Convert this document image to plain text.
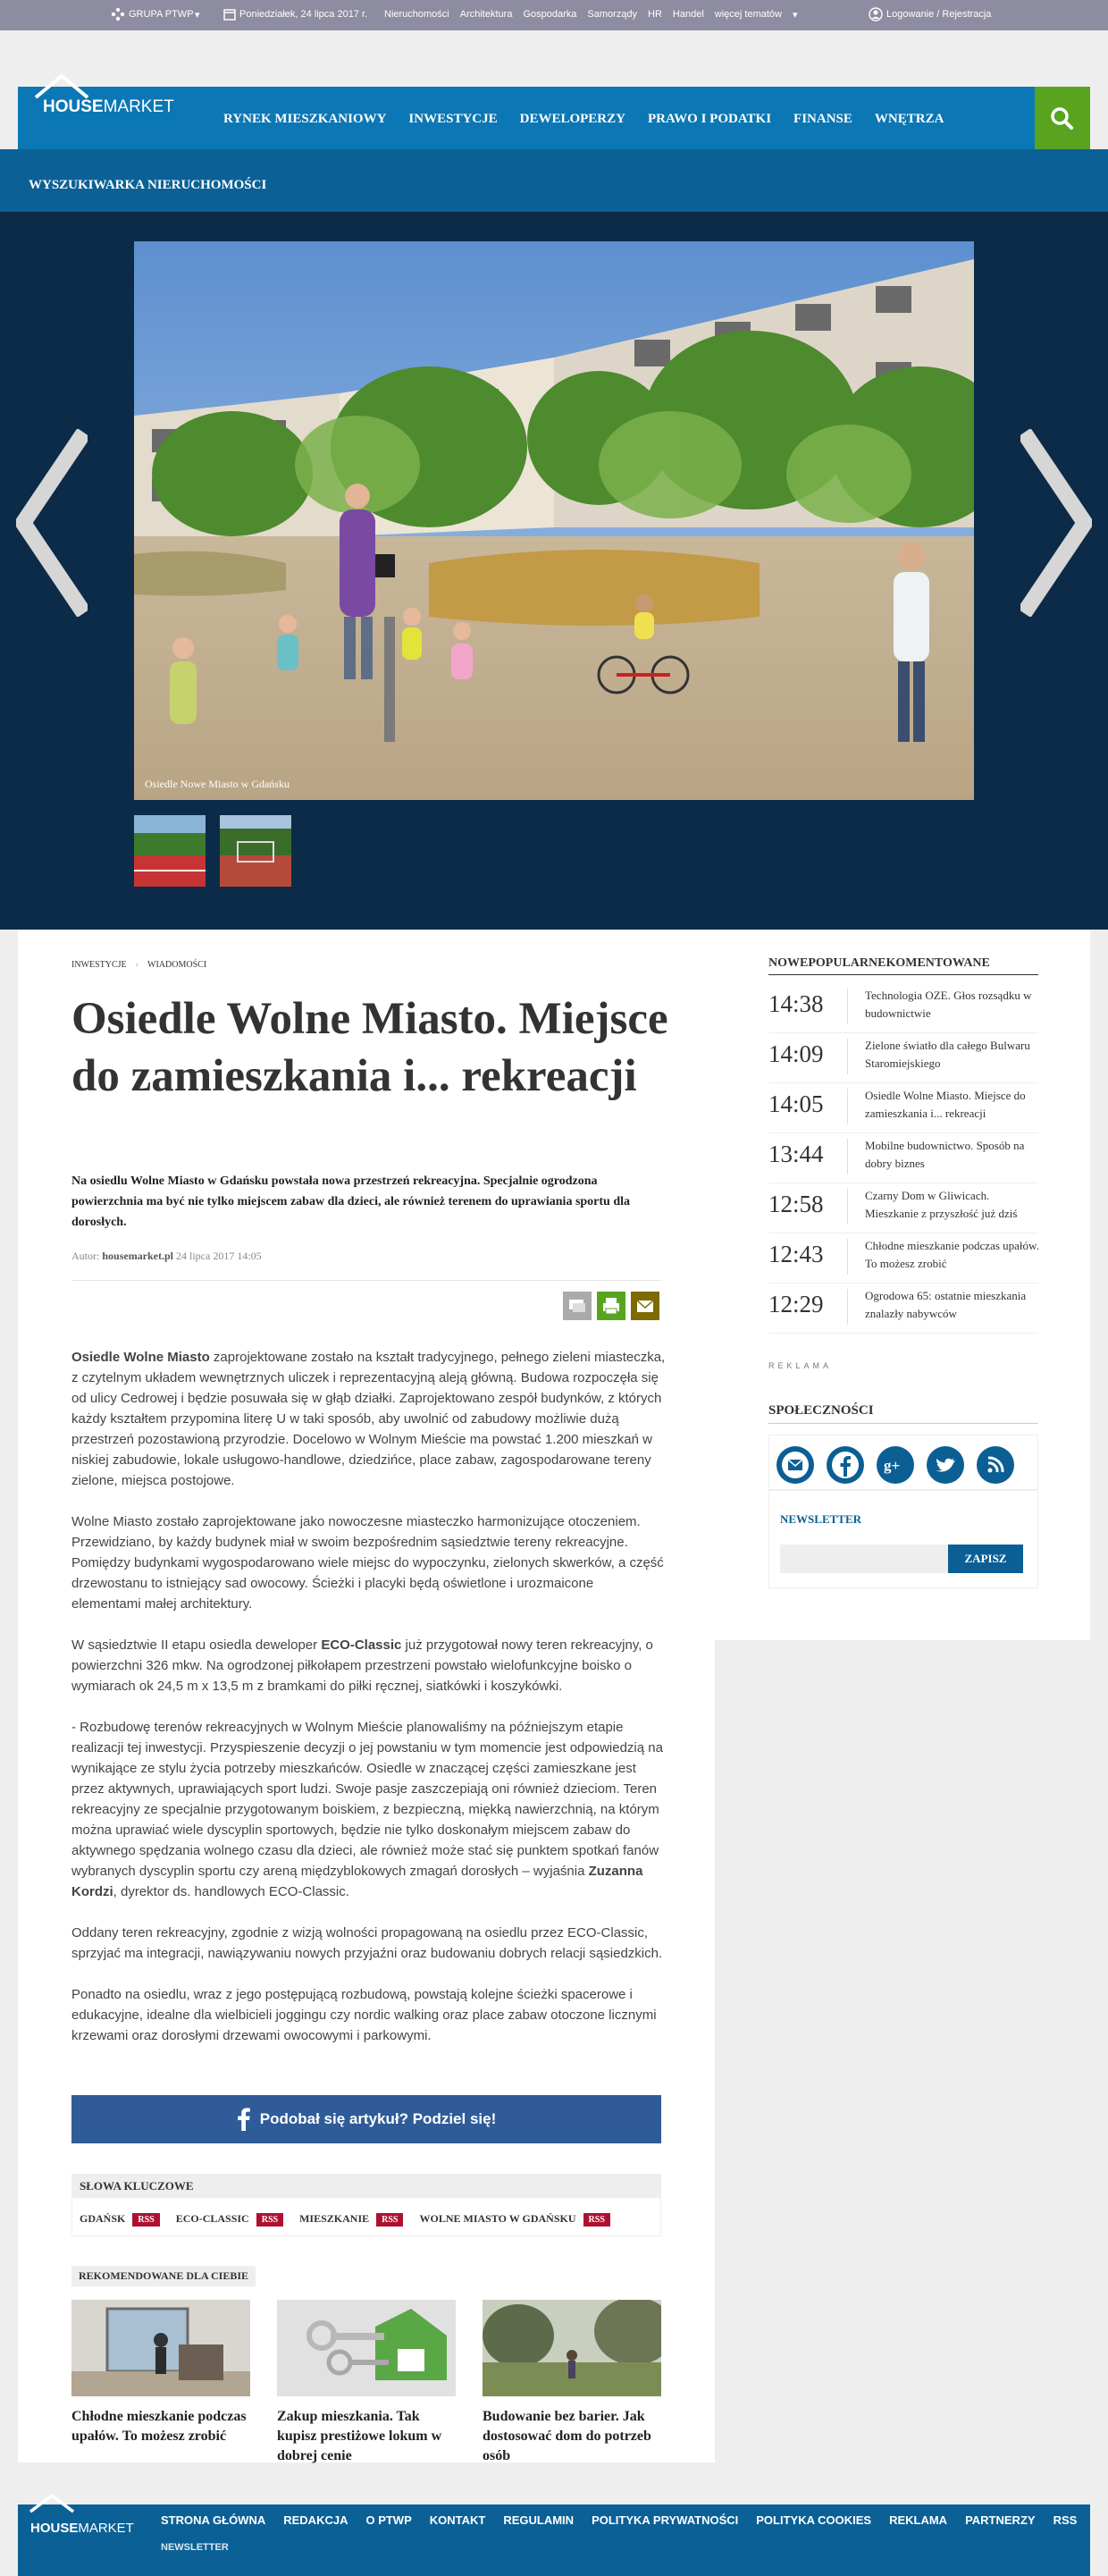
GRUPA PTWP ▾	Poniedziałek, 24 lipca 2017 r. Nieruchomości Architektura Gospodarka Samorządy HR Handel więcej tematów ▾	Logowanie / Rejestracja
HOUSEMARKET
RYNEK MIESZKANIOWY INWESTYCJE DEWELOPERZY PRAWO I PODATKI FINANSE WNĘTRZA
WYSZUKIWARKA NIERUCHOMOŚCI
Osiedle Nowe Miasto w Gdańsku
INWESTYCJE › WIADOMOŚCI
Osiedle Wolne Miasto. Miejsce do zamieszkania i... rekreacji
Na osiedlu Wolne Miasto w Gdańsku powstała nowa przestrzeń rekreacyjna. Specjalnie ogrodzona powierzchnia ma być nie tylko miejscem zabaw dla dzieci, ale również terenem do uprawiania sportu dla dorosłych.
Autor: housemarket.pl 24 lipca 2017 14:05

Osiedle Wolne Miasto zaprojektowane zostało na kształt tradycyjnego, pełnego zieleni miasteczka, z czytelnym układem wewnętrznych uliczek i reprezentacyjną aleją główną. Budowa rozpoczęła się od ulicy Cedrowej i będzie posuwała się w głąb działki. Zaprojektowano zespół budynków, z których każdy kształtem przypomina literę U w taki sposób, aby uwolnić od zabudowy możliwie dużą przestrzeń pozostawioną przyrodzie. Docelowo w Wolnym Mieście ma powstać 1.200 mieszkań w niskiej zabudowie, lokale usługowo-handlowe, dziedzińce, place zabaw, zagospodarowane tereny zielone, miejsca postojowe.

Wolne Miasto zostało zaprojektowane jako nowoczesne miasteczko harmonizujące otoczeniem. Przewidziano, by każdy budynek miał w swoim bezpośrednim sąsiedztwie tereny rekreacyjne. Pomiędzy budynkami wygospodarowano wiele miejsc do wypoczynku, zielonych skwerków, a część drzewostanu to istniejący sad owocowy. Ścieżki i placyki będą oświetlone i urozmaicone elementami małej architektury.

W sąsiedztwie II etapu osiedla deweloper ECO-Classic już przygotował nowy teren rekreacyjny, o powierzchni 326 mkw. Na ogrodzonej piłkołapem przestrzeni powstało wielofunkcyjne boisko o wymiarach ok 24,5 m x 13,5 m z bramkami do piłki ręcznej, siatkówki i koszykówki.

- Rozbudowę terenów rekreacyjnych w Wolnym Mieście planowaliśmy na późniejszym etapie realizacji tej inwestycji. Przyspieszenie decyzji o jej powstaniu w tym momencie jest odpowiedzią na wynikające ze stylu życia potrzeby mieszkańców. Osiedle w znaczącej części zamieszkane jest przez aktywnych, uprawiających sport ludzi. Swoje pasje zaszczepiają oni również dzieciom. Teren rekreacyjny ze specjalnie przygotowanym boiskiem, z bezpieczną, miękką nawierzchnią, na którym można uprawiać wiele dyscyplin sportowych, będzie nie tylko doskonałym miejscem zabaw do aktywnego spędzania wolnego czasu dla dzieci, ale również może stać się punktem spotkań fanów wybranych dyscyplin sportu czy areną międzyblokowych zmagań dorosłych – wyjaśnia Zuzanna Kordzi, dyrektor ds. handlowych ECO-Classic.

Oddany teren rekreacyjny, zgodnie z wizją wolności propagowaną na osiedlu przez ECO-Classic, sprzyjać ma integracji, nawiązywaniu nowych przyjaźni oraz budowaniu dobrych relacji sąsiedzkich.

Ponadto na osiedlu, wraz z jego postępującą rozbudową, powstają kolejne ścieżki spacerowe i edukacyjne, idealne dla wielbicieli joggingu czy nordic walking oraz place zabaw otoczone licznymi krzewami oraz dorosłymi drzewami owocowymi i parkowymi.

Podobał się artykuł? Podziel się!
SŁOWA KLUCZOWE
GDAŃSK RSS	ECO-CLASSIC RSS	MIESZKANIE RSS	WOLNE MIASTO W GDAŃSKU RSS
REKOMENDOWANE DLA CIEBIE
Chłodne mieszkanie podczas upałów. To możesz zrobić
Zakup mieszkania. Tak kupisz prestiżowe lokum w dobrej cenie
Budowanie bez barier. Jak dostosować dom do potrzeb osób
NOWEPOPULARNEKOMENTOWANE
14:38	Technologia OZE. Głos rozsądku w budownictwie
14:09	Zielone światło dla całego Bulwaru Staromiejskiego
14:05	Osiedle Wolne Miasto. Miejsce do zamieszkania i... rekreacji
13:44	Mobilne budownictwo. Sposób na dobry biznes
12:58	Czarny Dom w Gliwicach. Mieszkanie z przyszłość już dziś
12:43	Chłodne mieszkanie podczas upałów. To możesz zrobić
12:29	Ogrodowa 65: ostatnie mieszkania znalazły nabywców
REKLAMA
SPOŁECZNOŚCI
g+
NEWSLETTER
ZAPISZ
HOUSEMARKET
STRONA GŁÓWNA REDAKCJA O PTWP KONTAKT REGULAMIN POLITYKA PRYWATNOŚCI POLITYKA COOKIES REKLAMA PARTNERZY RSS
NEWSLETTER
